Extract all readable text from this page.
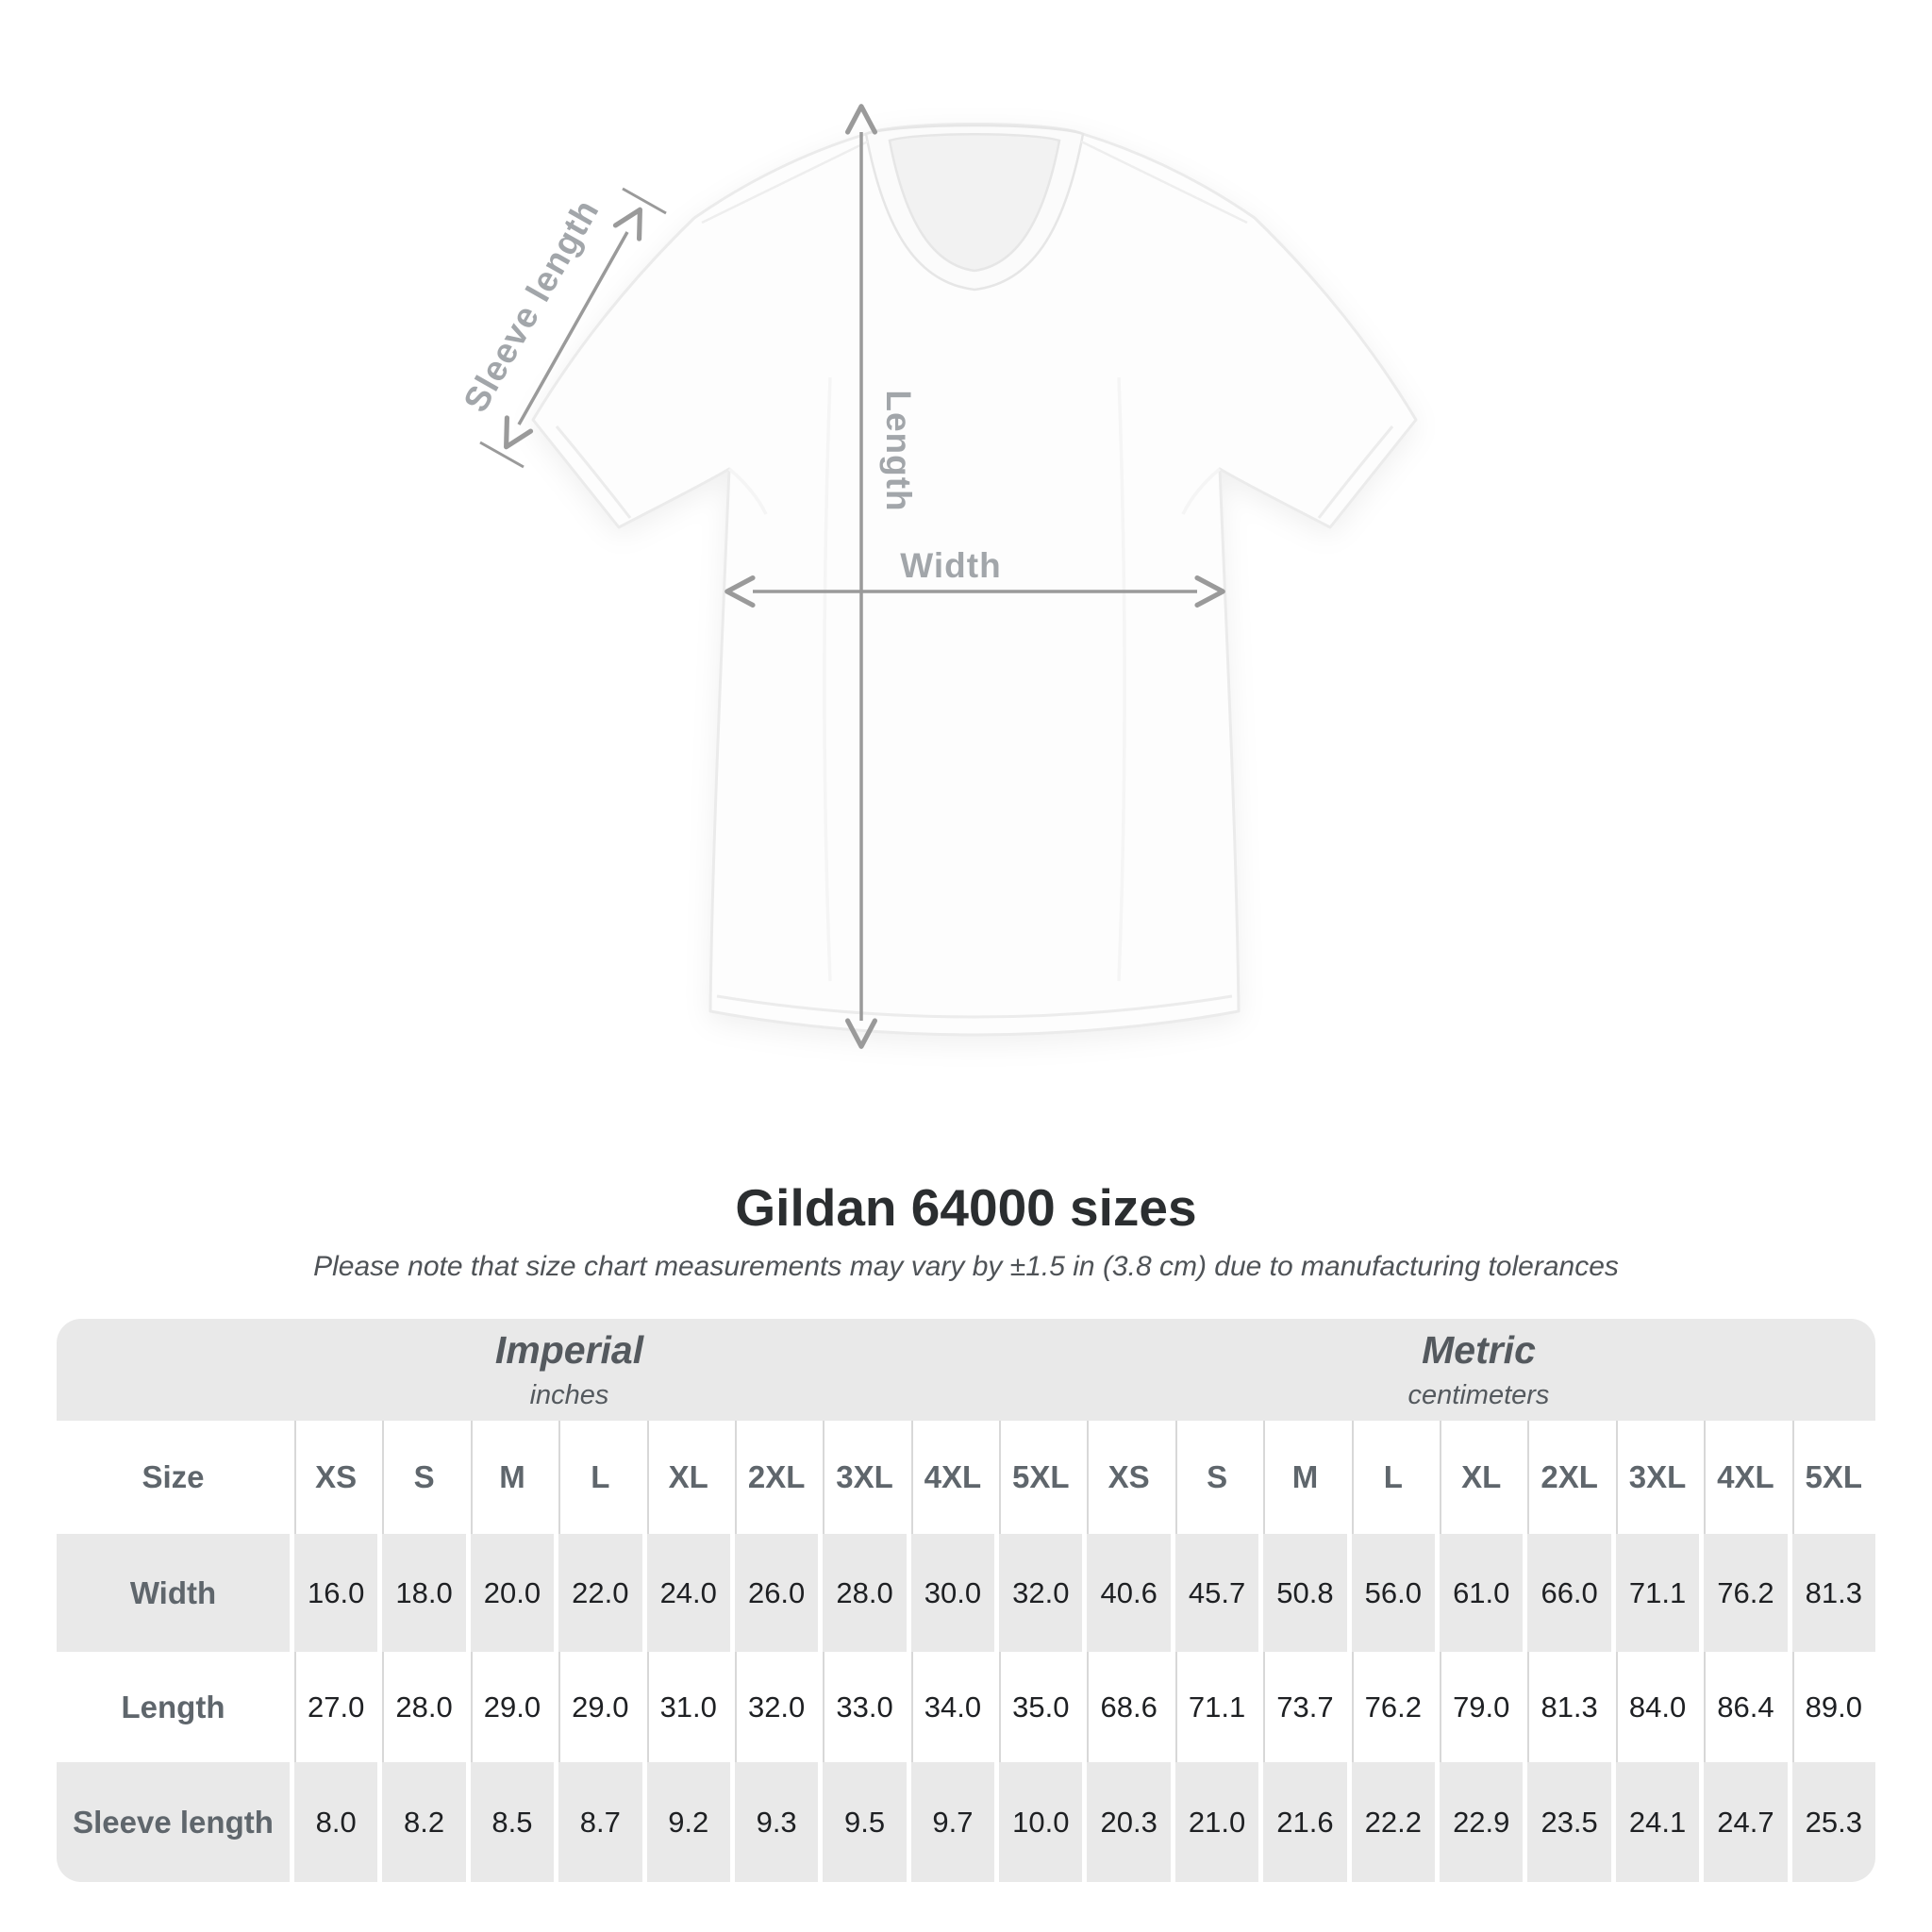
Sleeve length
Length
Width
Gildan 64000 sizes
Please note that size chart measurements may vary by ±1.5 in (3.8 cm) due to manufacturing tolerances
Imperial
inches
Metric
centimeters
Size	XS	S	M	L	XL	2XL 3XL 4XL 5XL	XS	S	M	L	XL	2XL 3XL 4XL 5XL
Width	16.0	18.0	20.0	22.0	24.0	26.0	28.0	30.0	32.0	40.6	45.7	50.8	56.0	61.0	66.0	71.1	76.2	81.3
Length	27.0	28.0	29.0	29.0	31.0	32.0	33.0	34.0	35.0	68.6	71.1	73.7	76.2	79.0	81.3	84.0	86.4	89.0
Sleeve length	8.0	8.2	8.5	8.7	9.2	9.3	9.5	9.7	10.0	20.3	21.0	21.6	22.2	22.9	23.5	24.1	24.7	25.3
